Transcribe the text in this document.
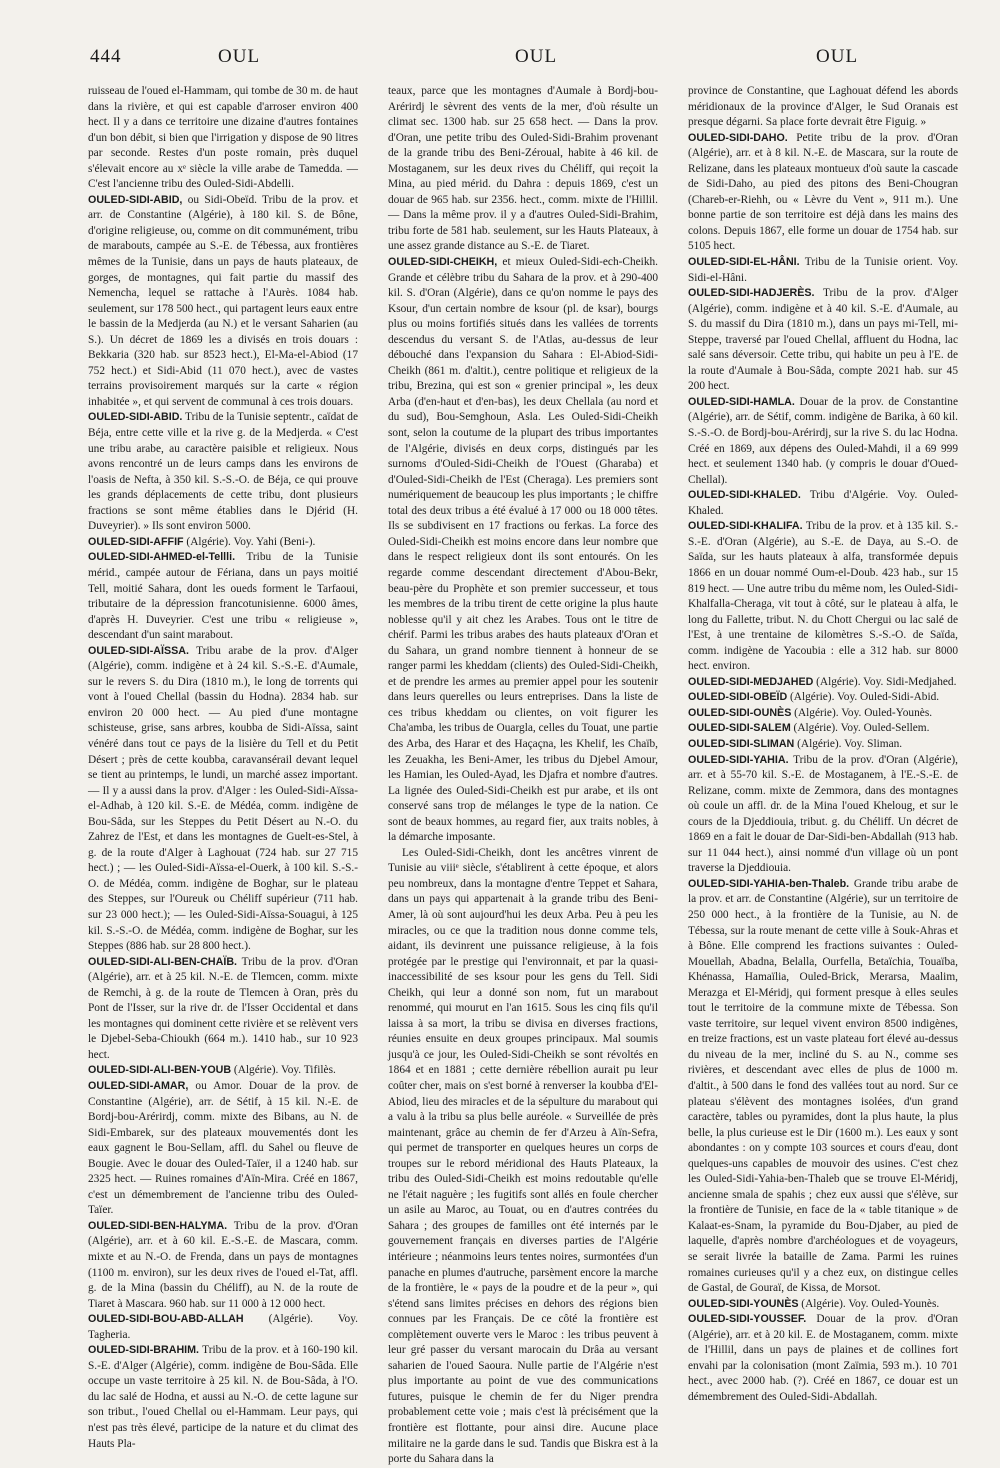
444	OUL	OUL	OUL

ruisseau de l'oued el-Hammam, qui tombe de 30 m. de haut dans la rivière, et qui est capable d'arroser environ 400 hect. Il y a dans ce territoire une dizaine d'autres fontaines d'un bon débit, si bien que l'irrigation y dispose de 90 litres par seconde. Restes d'un poste romain, près duquel s'élevait encore au xᵉ siècle la ville arabe de Tamedda. — C'est l'ancienne tribu des Ouled-Sidi-Abdelli.

OULED-SIDI-ABID, ou Sidi-Obeïd. Tribu de la prov. et arr. de Constantine (Algérie), à 180 kil. S. de Bône, d'origine religieuse, ou, comme on dit communément, tribu de marabouts, campée au S.-E. de Tébessa, aux frontières mêmes de la Tunisie, dans un pays de hauts plateaux, de gorges, de montagnes, qui fait partie du massif des Nemencha, lequel se rattache à l'Aurès. 1084 hab. seulement, sur 178 500 hect., qui partagent leurs eaux entre le bassin de la Medjerda (au N.) et le versant Saharien (au S.). Un décret de 1869 les a divisés en trois douars : Bekkaria (320 hab. sur 8523 hect.), El-Ma-el-Abiod (17 752 hect.) et Sidi-Abid (11 070 hect.), avec de vastes terrains provisoirement marqués sur la carte « région inhabitée », et qui servent de communal à ces trois douars.

OULED-SIDI-ABID. Tribu de la Tunisie septentr., caïdat de Béja, entre cette ville et la rive g. de la Medjerda. « C'est une tribu arabe, au caractère paisible et religieux. Nous avons rencontré un de leurs camps dans les environs de l'oasis de Nefta, à 350 kil. S.-S.-O. de Béja, ce qui prouve les grands déplacements de cette tribu, dont plusieurs fractions se sont même établies dans le Djérid (H. Duveyrier). » Ils sont environ 5000.

OULED-SIDI-AFFIF (Algérie). Voy. Yahi (Beni-).

OULED-SIDI-AHMED-el-Tellli. Tribu de la Tunisie mérid., campée autour de Fériana, dans un pays moitié Tell, moitié Sahara, dont les oueds forment le Tarfaoui, tributaire de la dépression francotunisienne. 6000 âmes, d'après H. Duveyrier. C'est une tribu « religieuse », descendant d'un saint marabout.

OULED-SIDI-AÏSSA. Tribu arabe de la prov. d'Alger (Algérie), comm. indigène et à 24 kil. S.-S.-E. d'Aumale, sur le revers S. du Dira (1810 m.), le long de torrents qui vont à l'oued Chellal (bassin du Hodna). 2834 hab. sur environ 20 000 hect. — Au pied d'une montagne schisteuse, grise, sans arbres, koubba de Sidi-Aïssa, saint vénéré dans tout ce pays de la lisière du Tell et du Petit Désert ; près de cette koubba, caravansérail devant lequel se tient au printemps, le lundi, un marché assez important. — Il y a aussi dans la prov. d'Alger : les Ouled-Sidi-Aïssa-el-Adhab, à 120 kil. S.-E. de Médéa, comm. indigène de Bou-Sâda, sur les Steppes du Petit Désert au N.-O. du Zahrez de l'Est, et dans les montagnes de Guelt-es-Stel, à g. de la route d'Alger à Laghouat (724 hab. sur 27 715 hect.) ; — les Ouled-Sidi-Aïssa-el-Ouerk, à 100 kil. S.-S.-O. de Médéa, comm. indigène de Boghar, sur le plateau des Steppes, sur l'Oureuk ou Chéliff supérieur (711 hab. sur 23 000 hect.); — les Ouled-Sidi-Aïssa-Souagui, à 125 kil. S.-S.-O. de Médéa, comm. indigène de Boghar, sur les Steppes (886 hab. sur 28 800 hect.).

OULED-SIDI-ALI-BEN-CHAÏB. Tribu de la prov. d'Oran (Algérie), arr. et à 25 kil. N.-E. de Tlemcen, comm. mixte de Remchi, à g. de la route de Tlemcen à Oran, près du Pont de l'Isser, sur la rive dr. de l'Isser Occidental et dans les montagnes qui dominent cette rivière et se relèvent vers le Djebel-Seba-Chioukh (664 m.). 1410 hab., sur 10 923 hect.

OULED-SIDI-ALI-BEN-YOUB (Algérie). Voy. Tifilès.

OULED-SIDI-AMAR, ou Amor. Douar de la prov. de Constantine (Algérie), arr. de Sétif, à 15 kil. N.-E. de Bordj-bou-Arérirdj, comm. mixte des Bibans, au N. de Sidi-Embarek, sur des plateaux mouvementés dont les eaux gagnent le Bou-Sellam, affl. du Sahel ou fleuve de Bougie. Avec le douar des Ouled-Taïer, il a 1240 hab. sur 2325 hect. — Ruines romaines d'Aïn-Mira. Créé en 1867, c'est un démembrement de l'ancienne tribu des Ouled-Taïer.

OULED-SIDI-BEN-HALYMA. Tribu de la prov. d'Oran (Algérie), arr. et à 60 kil. E.-S.-E. de Mascara, comm. mixte et au N.-O. de Frenda, dans un pays de montagnes (1100 m. environ), sur les deux rives de l'oued el-Tat, affl. g. de la Mina (bassin du Chéliff), au N. de la route de Tiaret à Mascara. 960 hab. sur 11 000 à 12 000 hect.

OULED-SIDI-BOU-ABD-ALLAH (Algérie). Voy. Tagheria.

OULED-SIDI-BRAHIM. Tribu de la prov. et à 160-190 kil. S.-E. d'Alger (Algérie), comm. indigène de Bou-Sâda. Elle occupe un vaste territoire à 25 kil. N. de Bou-Sâda, à l'O. du lac salé de Hodna, et aussi au N.-O. de cette lagune sur son tribut., l'oued Chellal ou el-Hammam. Leur pays, qui n'est pas très élevé, participe de la nature et du climat des Hauts Pla-

teaux, parce que les montagnes d'Aumale à Bordj-bou-Arérirdj le sèvrent des vents de la mer, d'où résulte un climat sec. 1300 hab. sur 25 658 hect. — Dans la prov. d'Oran, une petite tribu des Ouled-Sidi-Brahim provenant de la grande tribu des Beni-Zéroual, habite à 46 kil. de Mostaganem, sur les deux rives du Chéliff, qui reçoit la Mina, au pied mérid. du Dahra : depuis 1869, c'est un douar de 965 hab. sur 2356. hect., comm. mixte de l'Hillil. — Dans la même prov. il y a d'autres Ouled-Sidi-Brahim, tribu forte de 581 hab. seulement, sur les Hauts Plateaux, à une assez grande distance au S.-E. de Tiaret.

OULED-SIDI-CHEIKH, et mieux Ouled-Sidi-ech-Cheikh. Grande et célèbre tribu du Sahara de la prov. et à 290-400 kil. S. d'Oran (Algérie), dans ce qu'on nomme le pays des Ksour, d'un certain nombre de ksour (pl. de ksar), bourgs plus ou moins fortifiés situés dans les vallées de torrents descendus du versant S. de l'Atlas, au-dessus de leur débouché dans l'expansion du Sahara : El-Abiod-Sidi-Cheikh (861 m. d'altit.), centre politique et religieux de la tribu, Brezina, qui est son « grenier principal », les deux Arba (d'en-haut et d'en-bas), les deux Chellala (au nord et du sud), Bou-Semghoun, Asla. Les Ouled-Sidi-Cheikh sont, selon la coutume de la plupart des tribus importantes de l'Algérie, divisés en deux corps, distingués par les surnoms d'Ouled-Sidi-Cheikh de l'Ouest (Gharaba) et d'Ouled-Sidi-Cheikh de l'Est (Cheraga). Les premiers sont numériquement de beaucoup les plus importants ; le chiffre total des deux tribus a été évalué à 17 000 ou 18 000 têtes. Ils se subdivisent en 17 fractions ou ferkas. La force des Ouled-Sidi-Cheikh est moins encore dans leur nombre que dans le respect religieux dont ils sont entourés. On les regarde comme descendant directement d'Abou-Bekr, beau-père du Prophète et son premier successeur, et tous les membres de la tribu tirent de cette origine la plus haute noblesse qu'il y ait chez les Arabes. Tous ont le titre de chérif. Parmi les tribus arabes des hauts plateaux d'Oran et du Sahara, un grand nombre tiennent à honneur de se ranger parmi les kheddam (clients) des Ouled-Sidi-Cheikh, et de prendre les armes au premier appel pour les soutenir dans leurs querelles ou leurs entreprises. Dans la liste de ces tribus kheddam ou clientes, on voit figurer les Cha'amba, les tribus de Ouargla, celles du Touat, une partie des Arba, des Harar et des Haçaçna, les Khelif, les Chaïb, les Zeuakha, les Beni-Amer, les tribus du Djebel Amour, les Hamian, les Ouled-Ayad, les Djafra et nombre d'autres. La lignée des Ouled-Sidi-Cheikh est pur arabe, et ils ont conservé sans trop de mélanges le type de la nation. Ce sont de beaux hommes, au regard fier, aux traits nobles, à la démarche imposante.

Les Ouled-Sidi-Cheikh, dont les ancêtres vinrent de Tunisie au viiiᵉ siècle, s'établirent à cette époque, et alors peu nombreux, dans la montagne d'entre Teppet et Sahara, dans un pays qui appartenait à la grande tribu des Beni-Amer, là où sont aujourd'hui les deux Arba. Peu à peu les miracles, ou ce que la tradition nous donne comme tels, aidant, ils devinrent une puissance religieuse, à la fois protégée par le prestige qui l'environnait, et par la quasi-inaccessibilité de ses ksour pour les gens du Tell. Sidi Cheikh, qui leur a donné son nom, fut un marabout renommé, qui mourut en l'an 1615. Sous les cinq fils qu'il laissa à sa mort, la tribu se divisa en diverses fractions, réunies ensuite en deux groupes principaux. Mal soumis jusqu'à ce jour, les Ouled-Sidi-Cheikh se sont révoltés en 1864 et en 1881 ; cette dernière rébellion aurait pu leur coûter cher, mais on s'est borné à renverser la koubba d'El-Abiod, lieu des miracles et de la sépulture du marabout qui a valu à la tribu sa plus belle auréole. « Surveillée de près maintenant, grâce au chemin de fer d'Arzeu à Aïn-Sefra, qui permet de transporter en quelques heures un corps de troupes sur le rebord méridional des Hauts Plateaux, la tribu des Ouled-Sidi-Cheikh est moins redoutable qu'elle ne l'était naguère ; les fugitifs sont allés en foule chercher un asile au Maroc, au Touat, ou en d'autres contrées du Sahara ; des groupes de familles ont été internés par le gouvernement français en diverses parties de l'Algérie intérieure ; néanmoins leurs tentes noires, surmontées d'un panache en plumes d'autruche, parsèment encore la marche de la frontière, le « pays de la poudre et de la peur », qui s'étend sans limites précises en dehors des régions bien connues par les Français. De ce côté la frontière est complètement ouverte vers le Maroc : les tribus peuvent à leur gré passer du versant marocain du Drâa au versant saharien de l'oued Saoura. Nulle partie de l'Algérie n'est plus importante au point de vue des communications futures, puisque le chemin de fer du Niger prendra probablement cette voie ; mais c'est là précisément que la frontière est flottante, pour ainsi dire. Aucune place militaire ne la garde dans le sud. Tandis que Biskra est à la porte du Sahara dans la

province de Constantine, que Laghouat défend les abords méridionaux de la province d'Alger, le Sud Oranais est presque dégarni. Sa place forte devrait être Figuig. »

OULED-SIDI-DAHO. Petite tribu de la prov. d'Oran (Algérie), arr. et à 8 kil. N.-E. de Mascara, sur la route de Relizane, dans les plateaux montueux d'où saute la cascade de Sidi-Daho, au pied des pitons des Beni-Chougran (Chareb-er-Riehh, ou « Lèvre du Vent », 911 m.). Une bonne partie de son territoire est déjà dans les mains des colons. Depuis 1867, elle forme un douar de 1754 hab. sur 5105 hect.

OULED-SIDI-EL-HÂNI. Tribu de la Tunisie orient. Voy. Sidi-el-Hâni.

OULED-SIDI-HADJERÈS. Tribu de la prov. d'Alger (Algérie), comm. indigène et à 40 kil. S.-E. d'Aumale, au S. du massif du Dira (1810 m.), dans un pays mi-Tell, mi-Steppe, traversé par l'oued Chellal, affluent du Hodna, lac salé sans déversoir. Cette tribu, qui habite un peu à l'E. de la route d'Aumale à Bou-Sâda, compte 2021 hab. sur 45 200 hect.

OULED-SIDI-HAMLA. Douar de la prov. de Constantine (Algérie), arr. de Sétif, comm. indigène de Barika, à 60 kil. S.-S.-O. de Bordj-bou-Arérirdj, sur la rive S. du lac Hodna. Créé en 1869, aux dépens des Ouled-Mahdi, il a 69 999 hect. et seulement 1340 hab. (y compris le douar d'Oued-Chellal).

OULED-SIDI-KHALED. Tribu d'Algérie. Voy. Ouled-Khaled.

OULED-SIDI-KHALIFA. Tribu de la prov. et à 135 kil. S.-S.-E. d'Oran (Algérie), au S.-E. de Daya, au S.-O. de Saïda, sur les hauts plateaux à alfa, transformée depuis 1866 en un douar nommé Oum-el-Doub. 423 hab., sur 15 819 hect. — Une autre tribu du même nom, les Ouled-Sidi-Khalfalla-Cheraga, vit tout à côté, sur le plateau à alfa, le long du Fallette, tribut. N. du Chott Chergui ou lac salé de l'Est, à une trentaine de kilomètres S.-S.-O. de Saïda, comm. indigène de Yacoubia : elle a 312 hab. sur 8000 hect. environ.

OULED-SIDI-MEDJAHED (Algérie). Voy. Sidi-Medjahed.

OULED-SIDI-OBEÏD (Algérie). Voy. Ouled-Sidi-Abid.

OULED-SIDI-OUNÈS (Algérie). Voy. Ouled-Younès.

OULED-SIDI-SALEM (Algérie). Voy. Ouled-Sellem.

OULED-SIDI-SLIMAN (Algérie). Voy. Sliman.

OULED-SIDI-YAHIA. Tribu de la prov. d'Oran (Algérie), arr. et à 55-70 kil. S.-E. de Mostaganem, à l'E.-S.-E. de Relizane, comm. mixte de Zemmora, dans des montagnes où coule un affl. dr. de la Mina l'oued Kheloug, et sur le cours de la Djeddiouia, tribut. g. du Chéliff. Un décret de 1869 en a fait le douar de Dar-Sidi-ben-Abdallah (913 hab. sur 11 044 hect.), ainsi nommé d'un village où un pont traverse la Djeddiouia.

OULED-SIDI-YAHIA-ben-Thaleb. Grande tribu arabe de la prov. et arr. de Constantine (Algérie), sur un territoire de 250 000 hect., à la frontière de la Tunisie, au N. de Tébessa, sur la route menant de cette ville à Souk-Ahras et à Bône. Elle comprend les fractions suivantes : Ouled-Mouellah, Abadna, Belalla, Ourfella, Betaïchia, Touaïba, Khénassa, Hamaïlia, Ouled-Brick, Merarsa, Maalim, Merazga et El-Méridj, qui forment presque à elles seules tout le territoire de la commune mixte de Tébessa. Son vaste territoire, sur lequel vivent environ 8500 indigènes, en treize fractions, est un vaste plateau fort élevé au-dessus du niveau de la mer, incliné du S. au N., comme ses rivières, et descendant avec elles de plus de 1000 m. d'altit., à 500 dans le fond des vallées tout au nord. Sur ce plateau s'élèvent des montagnes isolées, d'un grand caractère, tables ou pyramides, dont la plus haute, la plus belle, la plus curieuse est le Dir (1600 m.). Les eaux y sont abondantes : on y compte 103 sources et cours d'eau, dont quelques-uns capables de mouvoir des usines. C'est chez les Ouled-Sidi-Yahia-ben-Thaleb que se trouve El-Méridj, ancienne smala de spahis ; chez eux aussi que s'élève, sur la frontière de Tunisie, en face de la « table titanique » de Kalaat-es-Snam, la pyramide du Bou-Djaber, au pied de laquelle, d'après nombre d'archéologues et de voyageurs, se serait livrée la bataille de Zama. Parmi les ruines romaines curieuses qu'il y a chez eux, on distingue celles de Gastal, de Gouraï, de Kissa, de Morsot.

OULED-SIDI-YOUNÈS (Algérie). Voy. Ouled-Younès.

OULED-SIDI-YOUSSEF. Douar de la prov. d'Oran (Algérie), arr. et à 20 kil. E. de Mostaganem, comm. mixte de l'Hillil, dans un pays de plaines et de collines fort envahi par la colonisation (mont Zaïmia, 593 m.). 10 701 hect., avec 2000 hab. (?). Créé en 1867, ce douar est un démembrement des Ouled-Sidi-Abdallah.
